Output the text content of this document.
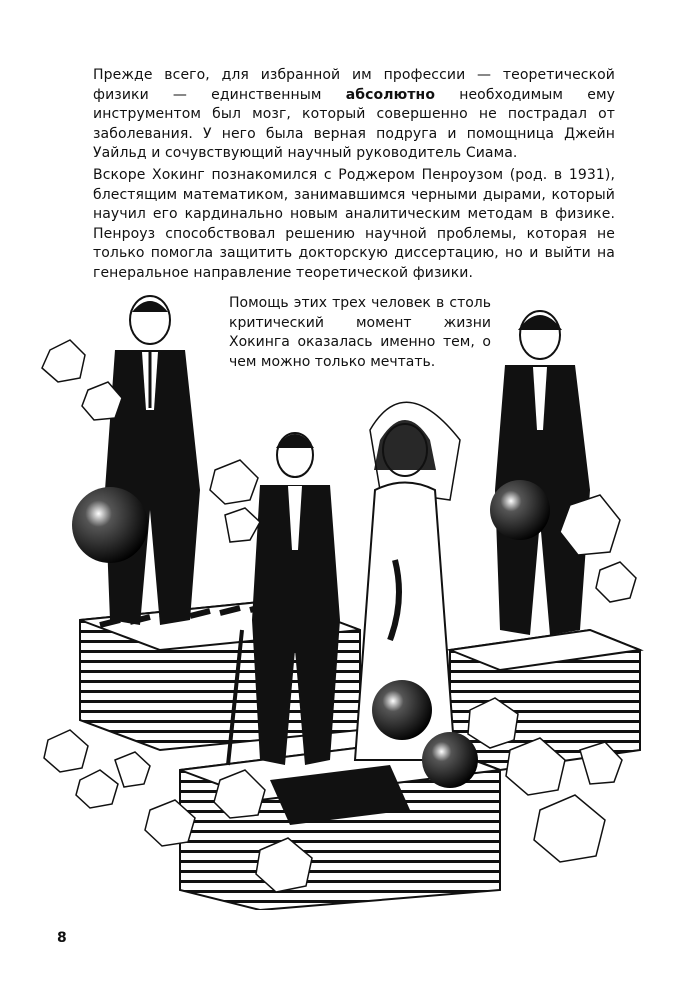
Прежде всего, для избранной им профессии — теоретической физики — единственным абсолютно необходимым ему инструментом был мозг, который совершенно не пострадал от заболевания. У него была верная подруга и помощница Джейн Уайльд и сочувствующий научный руководитель Сиама.

Вскоре Хокинг познакомился с Роджером Пенроузом (род. в 1931), блестящим математиком, занимавшимся черными дырами, который научил его кардинально новым аналитическим методам в физике. Пенроуз способствовал решению научной проблемы, которая не только помогла защитить докторскую диссертацию, но и выйти на генеральное направление теоретической физики.

Помощь этих трех человек в столь критический момент жизни Хокинга оказалась именно тем, о чем можно только мечтать.

8
